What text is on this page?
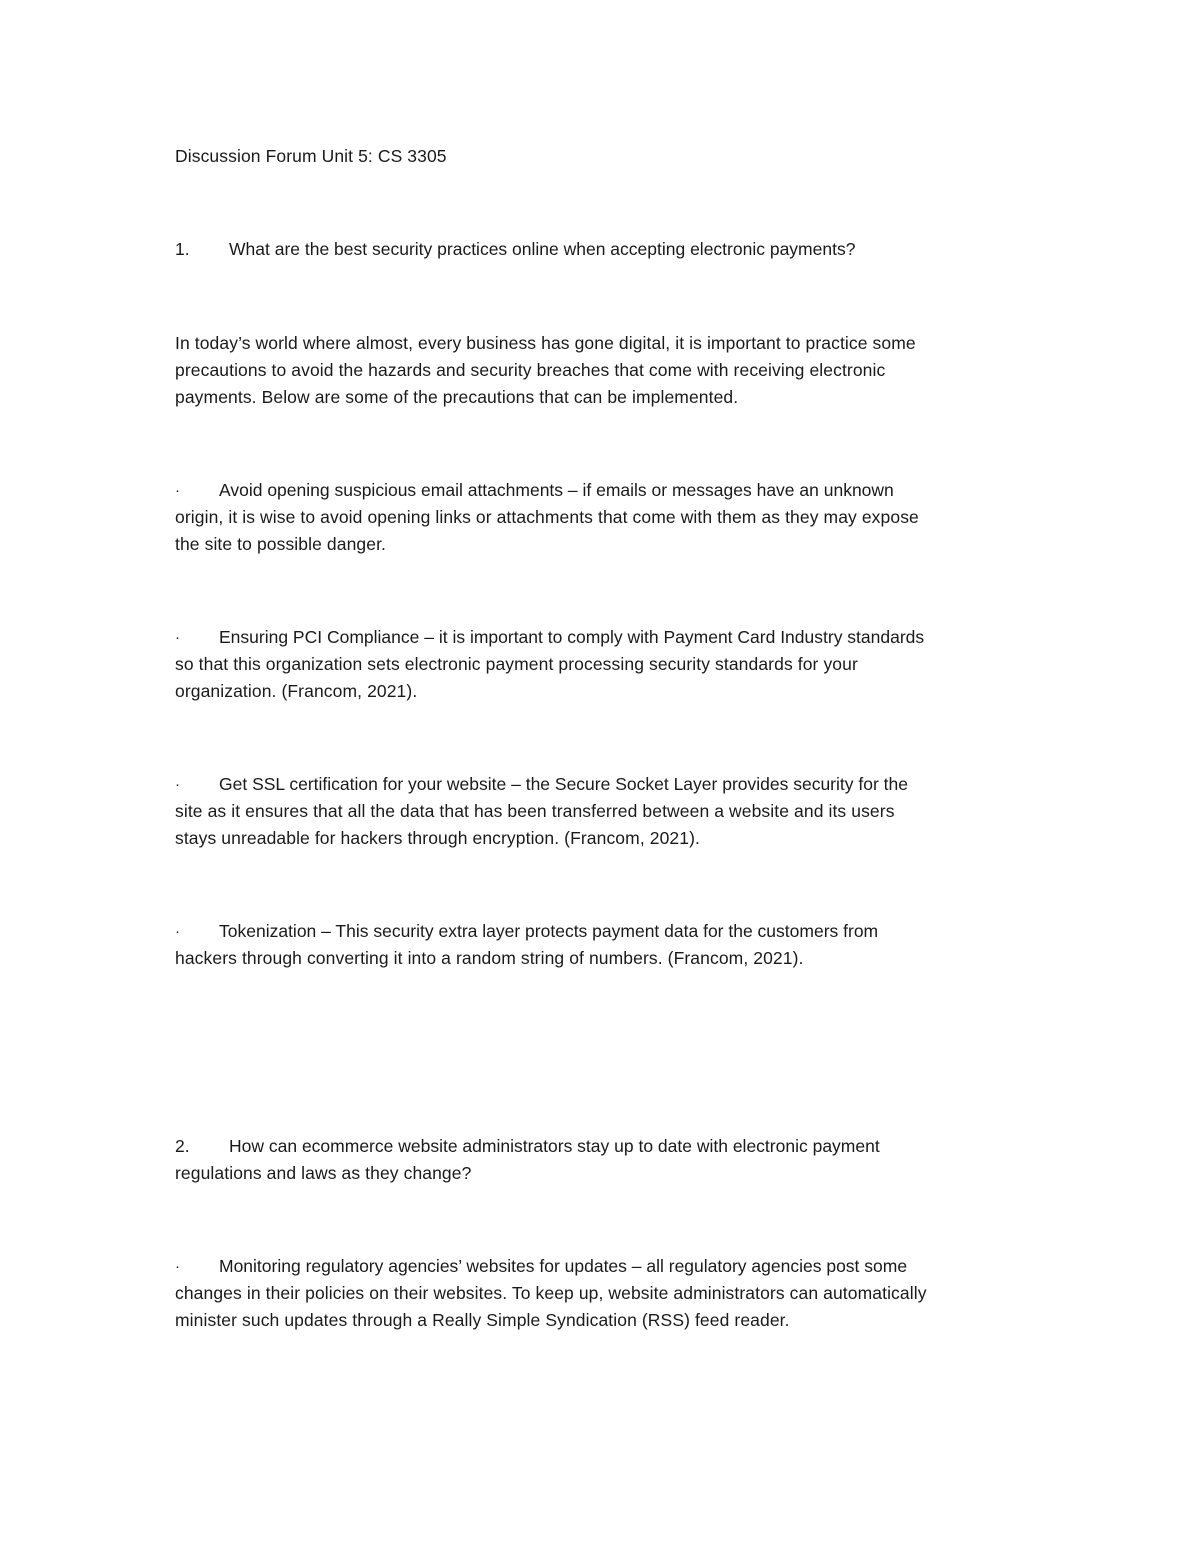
Discussion Forum Unit 5: CS 3305

1. What are the best security practices online when accepting electronic payments?

In today’s world where almost, every business has gone digital, it is important to practice some

precautions to avoid the hazards and security breaches that come with receiving electronic

payments. Below are some of the precautions that can be implemented.

· Avoid opening suspicious email attachments – if emails or messages have an unknown

origin, it is wise to avoid opening links or attachments that come with them as they may expose

the site to possible danger.

· Ensuring PCI Compliance – it is important to comply with Payment Card Industry standards

so that this organization sets electronic payment processing security standards for your

organization. (Francom, 2021).

· Get SSL certification for your website – the Secure Socket Layer provides security for the

site as it ensures that all the data that has been transferred between a website and its users

stays unreadable for hackers through encryption. (Francom, 2021).

· Tokenization – This security extra layer protects payment data for the customers from

hackers through converting it into a random string of numbers. (Francom, 2021).

2. How can ecommerce website administrators stay up to date with electronic payment

regulations and laws as they change?

· Monitoring regulatory agencies’ websites for updates – all regulatory agencies post some

changes in their policies on their websites. To keep up, website administrators can automatically

minister such updates through a Really Simple Syndication (RSS) feed reader.
